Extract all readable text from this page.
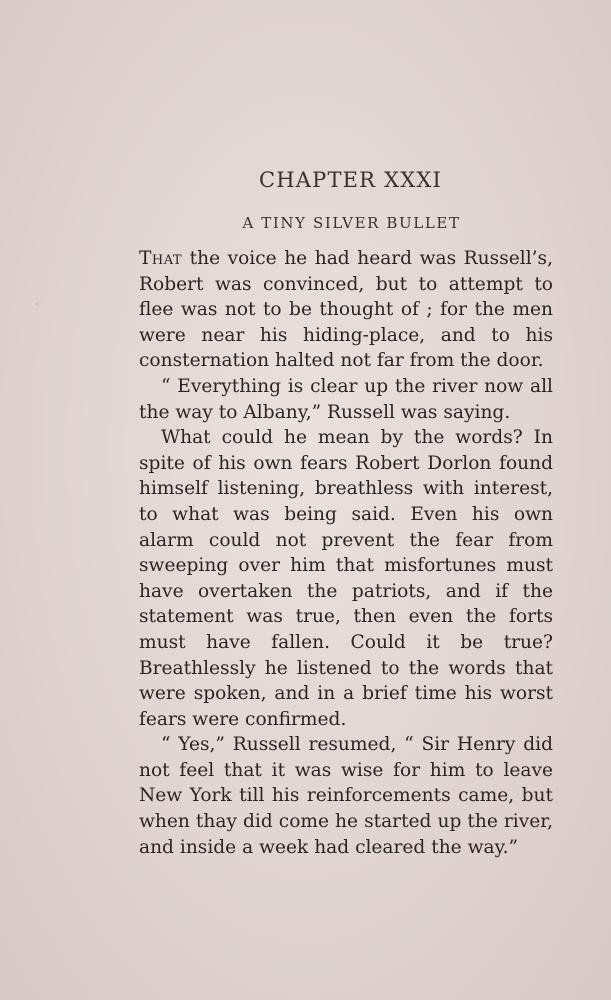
CHAPTER XXXI
A TINY SILVER BULLET

That the voice he had heard was Russell’s, Robert was convinced, but to attempt to flee was not to be thought of ; for the men were near his hiding-place, and to his consternation halted not far from the door.

“ Everything is clear up the river now all the way to Albany,” Russell was saying.

What could he mean by the words? In spite of his own fears Robert Dorlon found himself listening, breathless with interest, to what was being said. Even his own alarm could not prevent the fear from sweeping over him that misfortunes must have overtaken the patriots, and if the statement was true, then even the forts must have fallen. Could it be true? Breathlessly he listened to the words that were spoken, and in a brief time his worst fears were confirmed.

“ Yes,” Russell resumed, “ Sir Henry did not feel that it was wise for him to leave New York till his reinforcements came, but when thay did come he started up the river, and inside a week had cleared the way.”

'
